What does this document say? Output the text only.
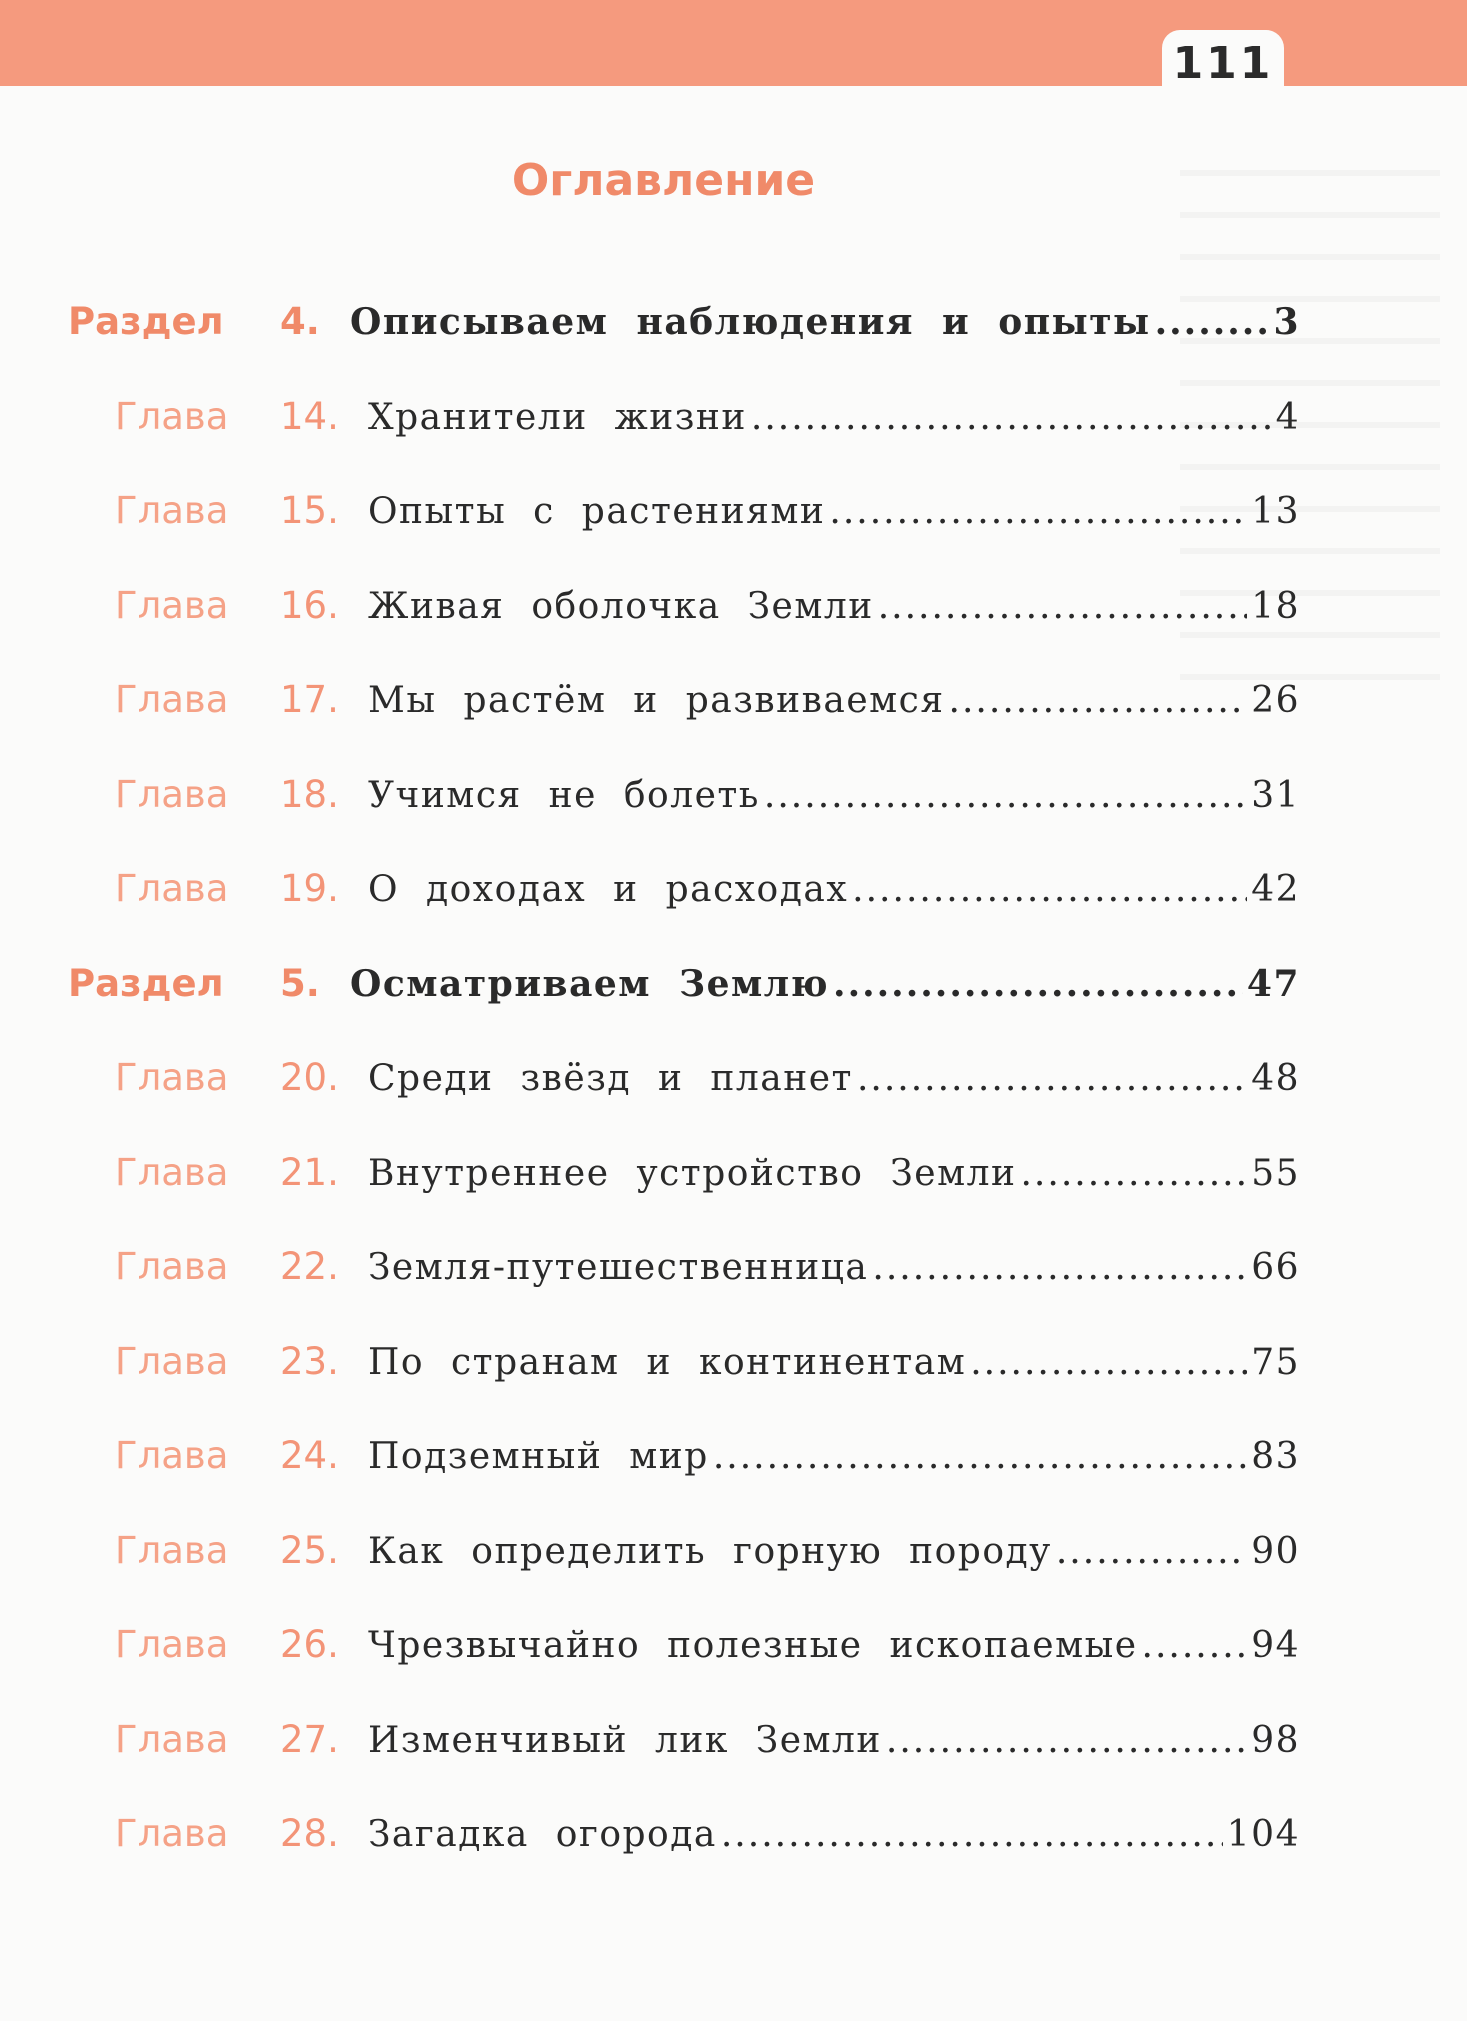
111
Оглавление
Раздел	4. Описываем наблюдения и опыты .....	3
Глава	14. Хранители жизни .....	4
Глава	15. Опыты с растениями .....	13
Глава	16. Живая оболочка Земли .....	18
Глава	17. Мы растём и развиваемся .....	26
Глава	18. Учимся не болеть .....	31
Глава	19. О доходах и расходах .....	42
Раздел	5. Осматриваем Землю .....	47
Глава	20. Среди звёзд и планет .....	48
Глава	21. Внутреннее устройство Земли .....	55
Глава	22. Земля-путешественница .....	66
Глава	23. По странам и континентам .....	75
Глава	24. Подземный мир .....	83
Глава	25. Как определить горную породу .....	90
Глава	26. Чрезвычайно полезные ископаемые .....	94
Глава	27. Изменчивый лик Земли .....	98
Глава	28. Загадка огорода .....	104
